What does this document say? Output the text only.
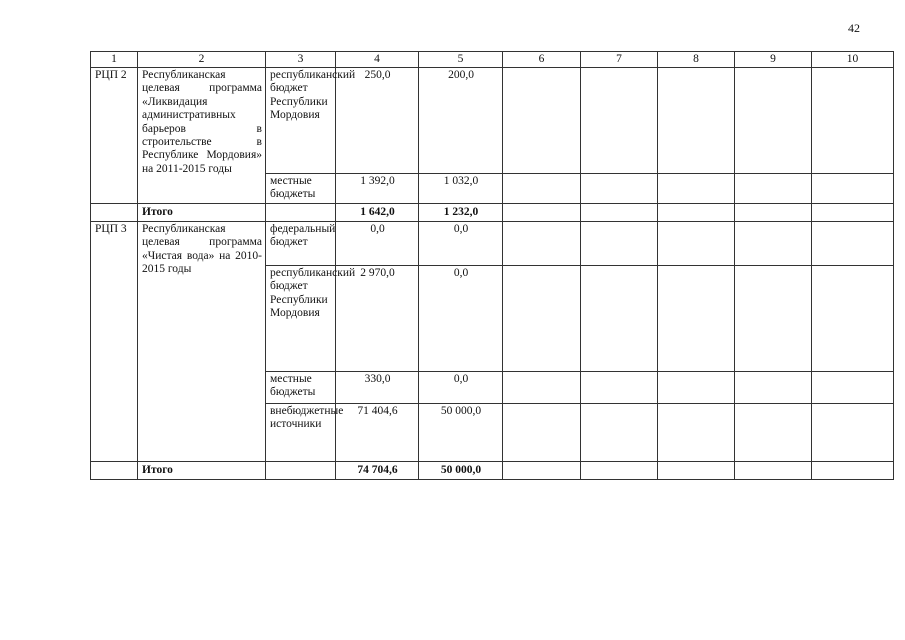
42
1	2	3	4	5	6	7	8	9	10
РЦП 2	Республиканская целевая программа «Ликвидация административных барьеров в строительстве в Республике Мордовия» на 2011-2015 годы	республиканский бюджет Республики Мордовия	250,0	200,0					
		местные бюджеты	1 392,0	1 032,0					
	Итого		1 642,0	1 232,0					
РЦП 3	Республиканская целевая программа «Чистая вода» на 2010-2015 годы	федеральный бюджет	0,0	0,0					
		республиканский бюджет Республики Мордовия	2 970,0	0,0					
		местные бюджеты	330,0	0,0					
		внебюджетные источники	71 404,6	50 000,0					
	Итого		74 704,6	50 000,0					
